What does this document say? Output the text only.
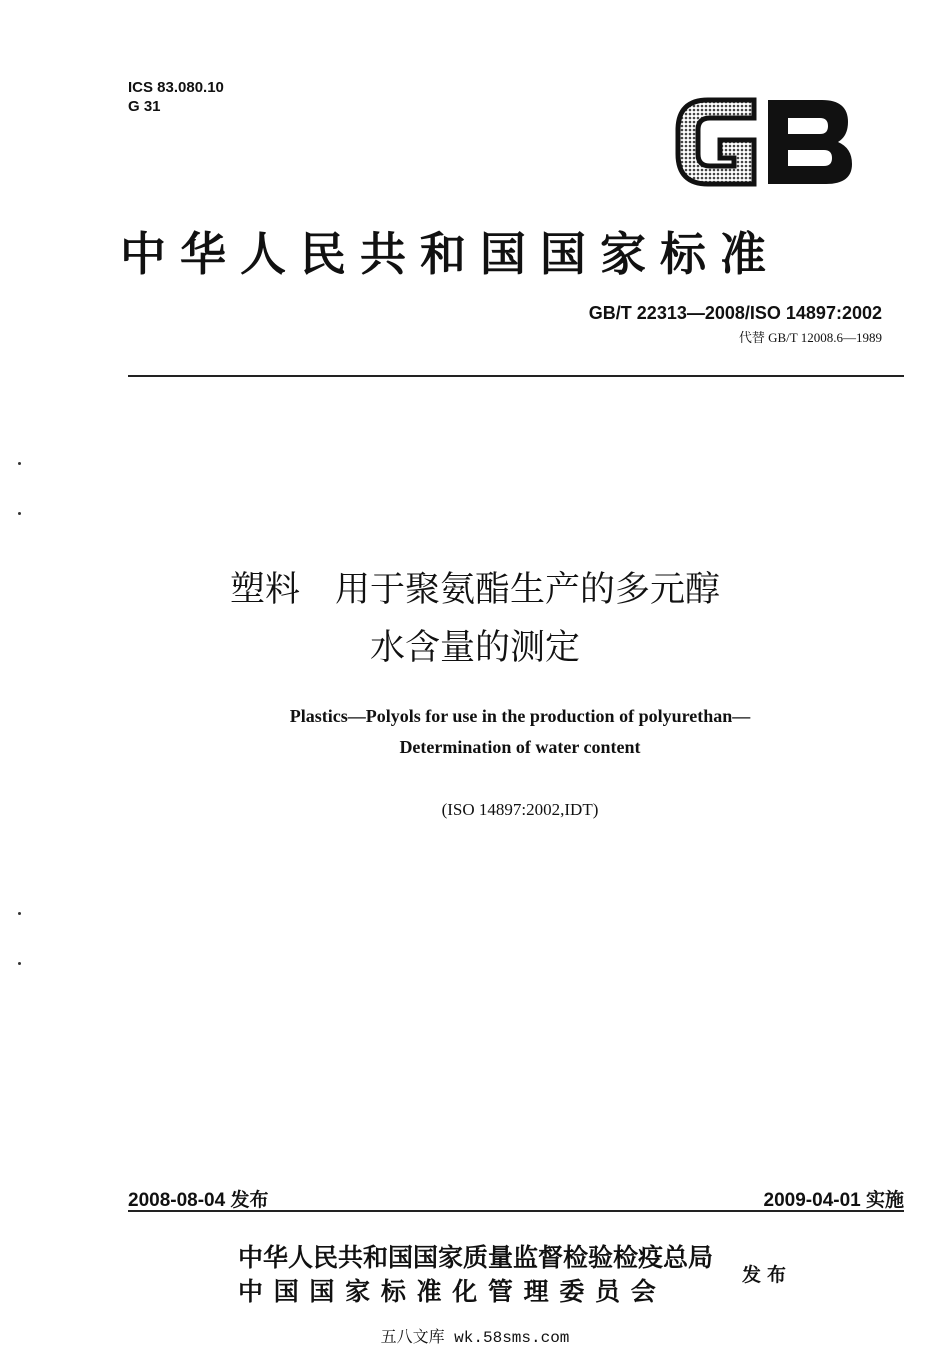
ICS 83.080.10
G 31
中华人民共和国国家标准
GB/T 22313—2008/ISO 14897:2002
代替 GB/T 12008.6—1989
塑料　用于聚氨酯生产的多元醇
水含量的测定
Plastics—Polyols for use in the production of polyurethan—
Determination of water content
(ISO 14897:2002,IDT)
2008-08-04 发布	2009-04-01 实施
中华人民共和国国家质量监督检验检疫总局
中 国 国 家 标 准 化 管 理 委 员 会
发布
五八文库 wk.58sms.com
